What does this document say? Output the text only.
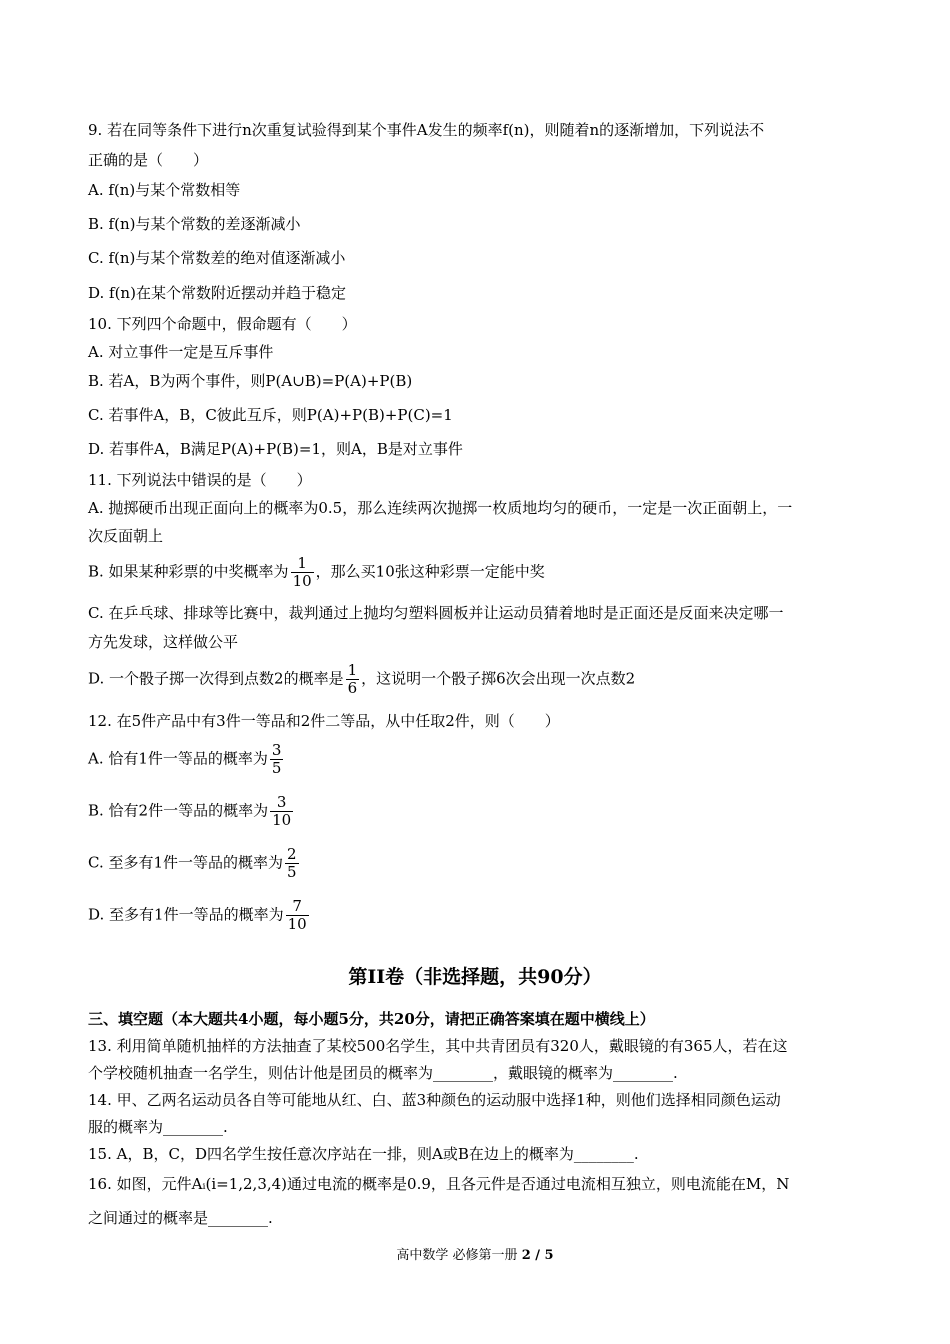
9. 若在同等条件下进行n次重复试验得到某个事件A发生的频率f(n)，则随着n的逐渐增加，下列说法不
正确的是（　　）
A. f(n)与某个常数相等
B. f(n)与某个常数的差逐渐减小
C. f(n)与某个常数差的绝对值逐渐减小
D. f(n)在某个常数附近摆动并趋于稳定
10. 下列四个命题中，假命题有（　　）
A. 对立事件一定是互斥事件
B. 若A，B为两个事件，则P(A∪B)=P(A)+P(B)
C. 若事件A，B，C彼此互斥，则P(A)+P(B)+P(C)=1
D. 若事件A，B满足P(A)+P(B)=1，则A，B是对立事件
11. 下列说法中错误的是（　　）
A. 抛掷硬币出现正面向上的概率为0.5，那么连续两次抛掷一枚质地均匀的硬币，一定是一次正面朝上，一
次反面朝上
B. 如果某种彩票的中奖概率为 $\frac{1}{10}$ ，那么买10张这种彩票一定能中奖
C. 在乒乓球、排球等比赛中，裁判通过上抛均匀塑料圆板并让运动员猜着地时是正面还是反面来决定哪一
方先发球，这样做公平
D. 一个骰子掷一次得到点数2的概率是 $\frac{1}{6}$ ，这说明一个骰子掷6次会出现一次点数2
12. 在5件产品中有3件一等品和2件二等品，从中任取2件，则（　　）
A. 恰有1件一等品的概率为 $\frac{3}{5}$
B. 恰有2件一等品的概率为 $\frac{3}{10}$
C. 至多有1件一等品的概率为 $\frac{2}{5}$
D. 至多有1件一等品的概率为 $\frac{7}{10}$
第II卷（非选择题，共90分）
三、填空题（本大题共4小题，每小题5分，共20分，请把正确答案填在题中横线上）
13. 利用简单随机抽样的方法抽查了某校500名学生，其中共青团员有320人，戴眼镜的有365人，若在这
个学校随机抽查一名学生，则估计他是团员的概率为________，戴眼镜的概率为________.
14. 甲、乙两名运动员各自等可能地从红、白、蓝3种颜色的运动服中选择1种，则他们选择相同颜色运动
服的概率为________.
15. A，B，C，D四名学生按任意次序站在一排，则A或B在边上的概率为________.
16. 如图，元件Aᵢ(i=1,2,3,4)通过电流的概率是0.9，且各元件是否通过电流相互独立，则电流能在M，N
之间通过的概率是________.
高中数学 必修第一册 2 / 5
